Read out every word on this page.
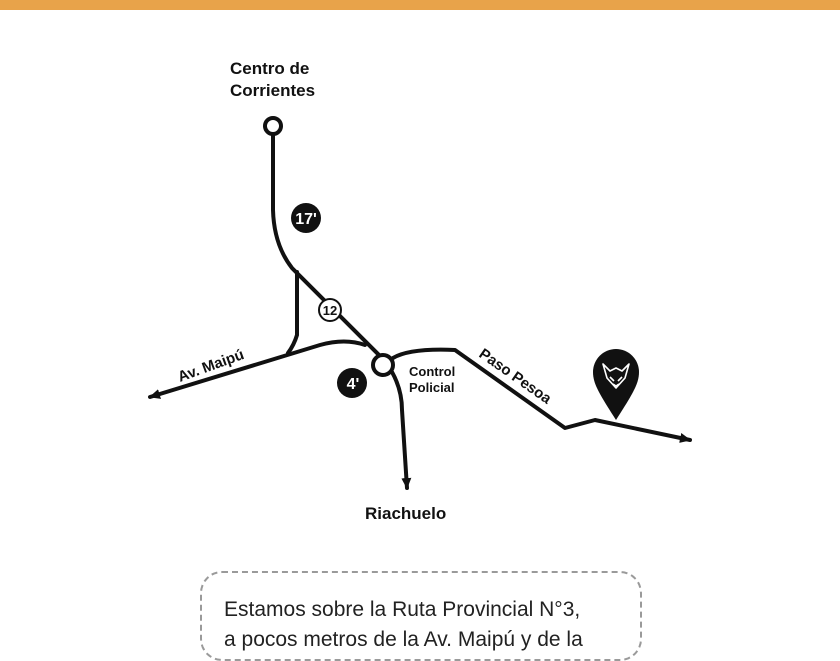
12
17'
4'
Centro de
Corrientes
Riachuelo
Control
Policial
Av. Maipú	Paso Pesoa

Estamos sobre la Ruta Provincial N°3,

a pocos metros de la Av. Maipú y de la
